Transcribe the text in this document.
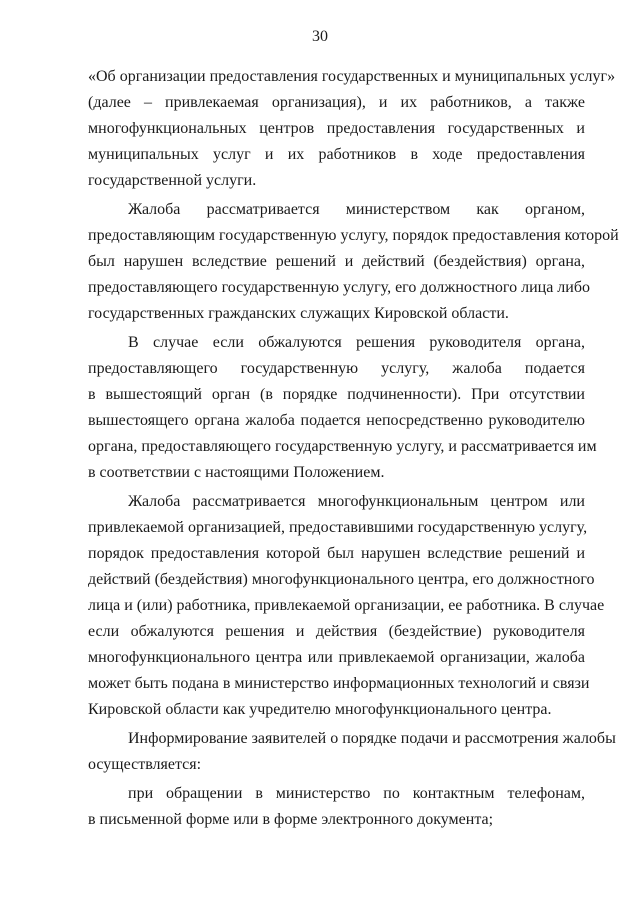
30
«Об организации предоставления государственных и муниципальных услуг»
(далее – привлекаемая организация), и их работников, а также
многофункциональных центров предоставления государственных и
муниципальных услуг и их работников в ходе предоставления
государственной услуги.
Жалоба рассматривается министерством как органом,
предоставляющим государственную услугу, порядок предоставления которой
был нарушен вследствие решений и действий (бездействия) органа,
предоставляющего государственную услугу, его должностного лица либо
государственных гражданских служащих Кировской области.
В случае если обжалуются решения руководителя органа,
предоставляющего государственную услугу, жалоба подается
в вышестоящий орган (в порядке подчиненности). При отсутствии
вышестоящего органа жалоба подается непосредственно руководителю
органа, предоставляющего государственную услугу, и рассматривается им
в соответствии с настоящими Положением.
Жалоба рассматривается многофункциональным центром или
привлекаемой организацией, предоставившими государственную услугу,
порядок предоставления которой был нарушен вследствие решений и
действий (бездействия) многофункционального центра, его должностного
лица и (или) работника, привлекаемой организации, ее работника. В случае
если обжалуются решения и действия (бездействие) руководителя
многофункционального центра или привлекаемой организации, жалоба
может быть подана в министерство информационных технологий и связи
Кировской области как учредителю многофункционального центра.
Информирование заявителей о порядке подачи и рассмотрения жалобы
осуществляется:
при обращении в министерство по контактным телефонам,
в письменной форме или в форме электронного документа;
